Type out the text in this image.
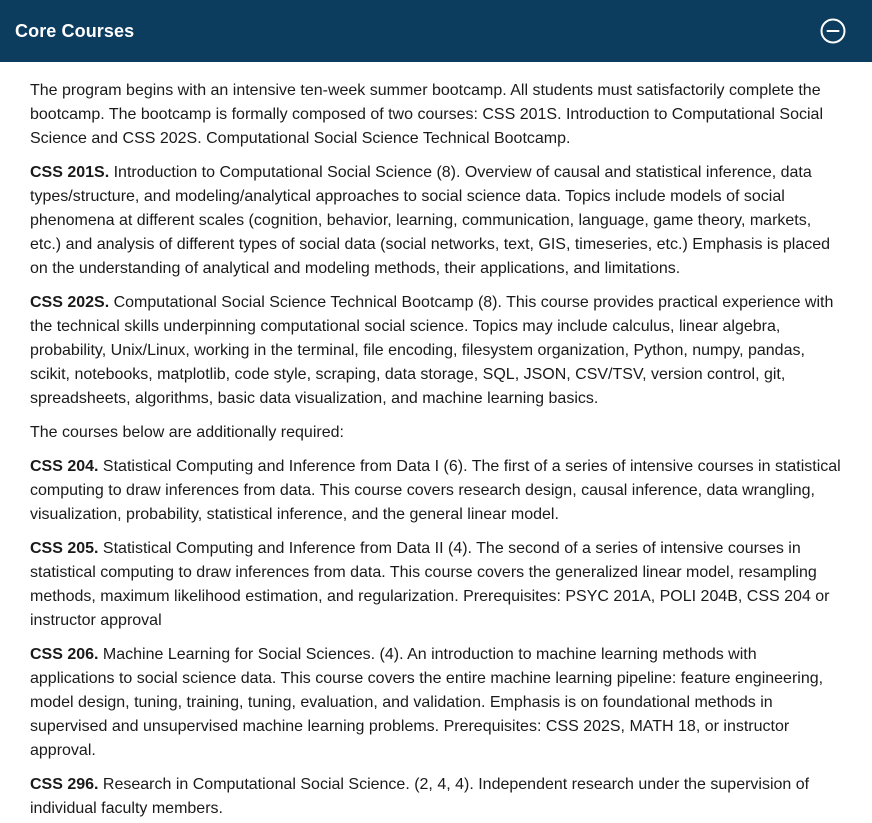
Core Courses

The program begins with an intensive ten-week summer bootcamp. All students must satisfactorily complete the bootcamp. The bootcamp is formally composed of two courses: CSS 201S. Introduction to Computational Social Science and CSS 202S. Computational Social Science Technical Bootcamp.

CSS 201S. Introduction to Computational Social Science (8). Overview of causal and statistical inference, data types/structure, and modeling/analytical approaches to social science data. Topics include models of social phenomena at different scales (cognition, behavior, learning, communication, language, game theory, markets, etc.) and analysis of different types of social data (social networks, text, GIS, timeseries, etc.) Emphasis is placed on the understanding of analytical and modeling methods, their applications, and limitations.

CSS 202S. Computational Social Science Technical Bootcamp (8). This course provides practical experience with the technical skills underpinning computational social science. Topics may include calculus, linear algebra, probability, Unix/Linux, working in the terminal, file encoding, filesystem organization, Python, numpy, pandas, scikit, notebooks, matplotlib, code style, scraping, data storage, SQL, JSON, CSV/TSV, version control, git, spreadsheets, algorithms, basic data visualization, and machine learning basics.

The courses below are additionally required:

CSS 204. Statistical Computing and Inference from Data I (6). The first of a series of intensive courses in statistical computing to draw inferences from data. This course covers research design, causal inference, data wrangling, visualization, probability, statistical inference, and the general linear model.

CSS 205. Statistical Computing and Inference from Data II (4). The second of a series of intensive courses in statistical computing to draw inferences from data. This course covers the generalized linear model, resampling methods, maximum likelihood estimation, and regularization. Prerequisites: PSYC 201A, POLI 204B, CSS 204 or instructor approval

CSS 206. Machine Learning for Social Sciences. (4). An introduction to machine learning methods with applications to social science data. This course covers the entire machine learning pipeline: feature engineering, model design, tuning, training, tuning, evaluation, and validation. Emphasis is on foundational methods in supervised and unsupervised machine learning problems. Prerequisites: CSS 202S, MATH 18, or instructor approval.

CSS 296. Research in Computational Social Science. (2, 4, 4). Independent research under the supervision of individual faculty members.
